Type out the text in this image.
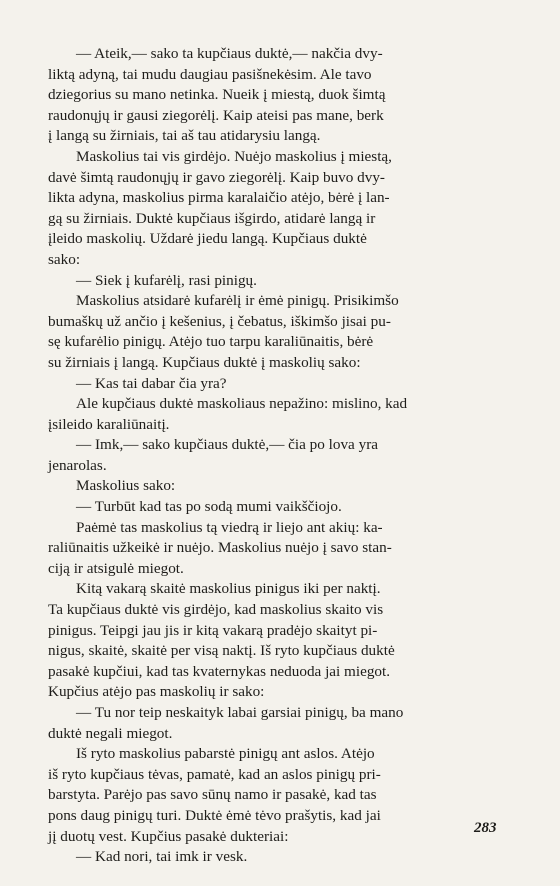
— Ateik,— sako ta kupčiaus duktė,— nakčia dvy-
liktą adyną, tai mudu daugiau pasišnekėsim. Ale tavo
dziegorius su mano netinka. Nueik į miestą, duok šimtą
raudonųjų ir gausi ziegorėlį. Kaip ateisi pas mane, berk
į langą su žirniais, tai aš tau atidarysiu langą.

Maskolius tai vis girdėjo. Nuėjo maskolius į miestą,
davė šimtą raudonųjų ir gavo ziegorėlį. Kaip buvo dvy-
likta adyna, maskolius pirma karalaičio atėjo, bėrė į lan-
gą su žirniais. Duktė kupčiaus išgirdo, atidarė langą ir
įleido maskolių. Uždarė jiedu langą. Kupčiaus duktė
sako:

— Siek į kufarėlį, rasi pinigų.

Maskolius atsidarė kufarėlį ir ėmė pinigų. Prisikimšo
bumaškų už ančio į kešenius, į čebatus, iškimšo jisai pu-
sę kufarėlio pinigų. Atėjo tuo tarpu karaliūnaitis, bėrė
su žirniais į langą. Kupčiaus duktė į maskolių sako:

— Kas tai dabar čia yra?

Ale kupčiaus duktė maskoliaus nepažino: mislino, kad
įsileido karaliūnaitį.

— Imk,— sako kupčiaus duktė,— čia po lova yra
jenarolas.

Maskolius sako:

— Turbūt kad tas po sodą mumi vaikščiojo.

Paėmė tas maskolius tą viedrą ir liejo ant akių: ka-
raliūnaitis užkeikė ir nuėjo. Maskolius nuėjo į savo stan-
ciją ir atsigulė miegot.

Kitą vakarą skaitė maskolius pinigus iki per naktį.
Ta kupčiaus duktė vis girdėjo, kad maskolius skaito vis
pinigus. Teipgi jau jis ir kitą vakarą pradėjo skaityt pi-
nigus, skaitė, skaitė per visą naktį. Iš ryto kupčiaus duktė
pasakė kupčiui, kad tas kvaternykas neduoda jai miegot.
Kupčius atėjo pas maskolių ir sako:

— Tu nor teip neskaityk labai garsiai pinigų, ba mano
duktė negali miegot.

Iš ryto maskolius pabarstė pinigų ant aslos. Atėjo
iš ryto kupčiaus tėvas, pamatė, kad an aslos pinigų pri-
barstyta. Parėjo pas savo sūnų namo ir pasakė, kad tas
pons daug pinigų turi. Duktė ėmė tėvo prašytis, kad jai
jį duotų vest. Kupčius pasakė dukteriai:

— Kad nori, tai imk ir vesk.

283
